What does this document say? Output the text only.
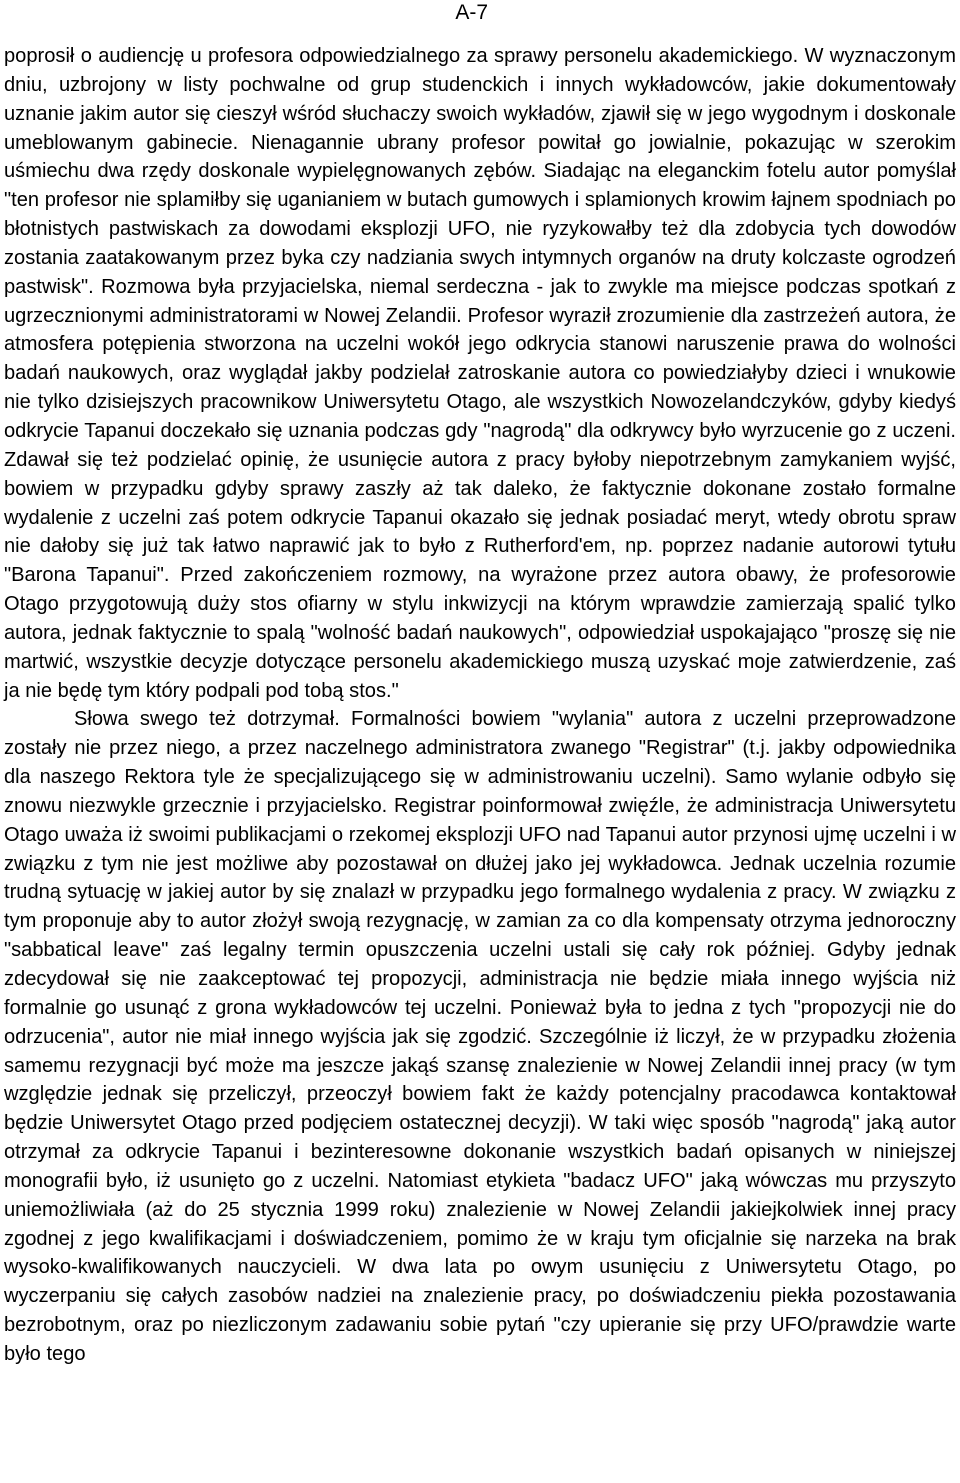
A-7

poprosił o audiencję u profesora odpowiedzialnego za sprawy personelu akademickiego. W wyznaczonym dniu, uzbrojony w listy pochwalne od grup studenckich i innych wykładowców, jakie dokumentowały uznanie jakim autor się cieszył wśród słuchaczy swoich wykładów, zjawił się w jego wygodnym i doskonale umeblowanym gabinecie. Nienagannie ubrany profesor powitał go jowialnie, pokazując w szerokim uśmiechu dwa rzędy doskonale wypielęgnowanych zębów. Siadając na eleganckim fotelu autor pomyślał "ten profesor nie splamiłby się uganianiem w butach gumowych i splamionych krowim łajnem spodniach po błotnistych pastwiskach za dowodami eksplozji UFO, nie ryzykowałby też dla zdobycia tych dowodów zostania zaatakowanym przez byka czy nadziania swych intymnych organów na druty kolczaste ogrodzeń pastwisk". Rozmowa była przyjacielska, niemal serdeczna - jak to zwykle ma miejsce podczas spotkań z ugrzecznionymi administratorami w Nowej Zelandii. Profesor wyraził zrozumienie dla zastrzeżeń autora, że atmosfera potępienia stworzona na uczelni wokół jego odkrycia stanowi naruszenie prawa do wolności badań naukowych, oraz wyglądał jakby podzielał zatroskanie autora co powiedziałyby dzieci i wnukowie nie tylko dzisiejszych pracownikow Uniwersytetu Otago, ale wszystkich Nowozelandczyków, gdyby kiedyś odkrycie Tapanui doczekało się uznania podczas gdy "nagrodą" dla odkrywcy było wyrzucenie go z uczeni. Zdawał się też podzielać opinię, że usunięcie autora z pracy byłoby niepotrzebnym zamykaniem wyjść, bowiem w przypadku gdyby sprawy zaszły aż tak daleko, że faktycznie dokonane zostało formalne wydalenie z uczelni zaś potem odkrycie Tapanui okazało się jednak posiadać meryt, wtedy obrotu spraw nie dałoby się już tak łatwo naprawić jak to było z Rutherford'em, np. poprzez nadanie autorowi tytułu "Barona Tapanui". Przed zakończeniem rozmowy, na wyrażone przez autora obawy, że profesorowie Otago przygotowują duży stos ofiarny w stylu inkwizycji na którym wprawdzie zamierzają spalić tylko autora, jednak faktycznie to spalą "wolność badań naukowych", odpowiedział uspokajająco "proszę się nie martwić, wszystkie decyzje dotyczące personelu akademickiego muszą uzyskać moje zatwierdzenie, zaś ja nie będę tym który podpali pod tobą stos."

Słowa swego też dotrzymał. Formalności bowiem "wylania" autora z uczelni przeprowadzone zostały nie przez niego, a przez naczelnego administratora zwanego "Registrar" (t.j. jakby odpowiednika dla naszego Rektora tyle że specjalizującego się w administrowaniu uczelni). Samo wylanie odbyło się znowu niezwykle grzecznie i przyjacielsko. Registrar poinformował zwięźle, że administracja Uniwersytetu Otago uważa iż swoimi publikacjami o rzekomej eksplozji UFO nad Tapanui autor przynosi ujmę uczelni i w związku z tym nie jest możliwe aby pozostawał on dłużej jako jej wykładowca. Jednak uczelnia rozumie trudną sytuację w jakiej autor by się znalazł w przypadku jego formalnego wydalenia z pracy. W związku z tym proponuje aby to autor złożył swoją rezygnację, w zamian za co dla kompensaty otrzyma jednoroczny "sabbatical leave" zaś legalny termin opuszczenia uczelni ustali się cały rok później. Gdyby jednak zdecydował się nie zaakceptować tej propozycji, administracja nie będzie miała innego wyjścia niż formalnie go usunąć z grona wykładowców tej uczelni. Ponieważ była to jedna z tych "propozycji nie do odrzucenia", autor nie miał innego wyjścia jak się zgodzić. Szczególnie iż liczył, że w przypadku złożenia samemu rezygnacji być może ma jeszcze jakąś szansę znalezienie w Nowej Zelandii innej pracy (w tym względzie jednak się przeliczył, przeoczył bowiem fakt że każdy potencjalny pracodawca kontaktował będzie Uniwersytet Otago przed podjęciem ostatecznej decyzji). W taki więc sposób "nagrodą" jaką autor otrzymał za odkrycie Tapanui i bezinteresowne dokonanie wszystkich badań opisanych w niniejszej monografii było, iż usunięto go z uczelni. Natomiast etykieta "badacz UFO" jaką wówczas mu przyszyto uniemożliwiała (aż do 25 stycznia 1999 roku) znalezienie w Nowej Zelandii jakiejkolwiek innej pracy zgodnej z jego kwalifikacjami i doświadczeniem, pomimo że w kraju tym oficjalnie się narzeka na brak wysoko-kwalifikowanych nauczycieli. W dwa lata po owym usunięciu z Uniwersytetu Otago, po wyczerpaniu się całych zasobów nadziei na znalezienie pracy, po doświadczeniu piekła pozostawania bezrobotnym, oraz po niezliczonym zadawaniu sobie pytań "czy upieranie się przy UFO/prawdzie warte było tego
